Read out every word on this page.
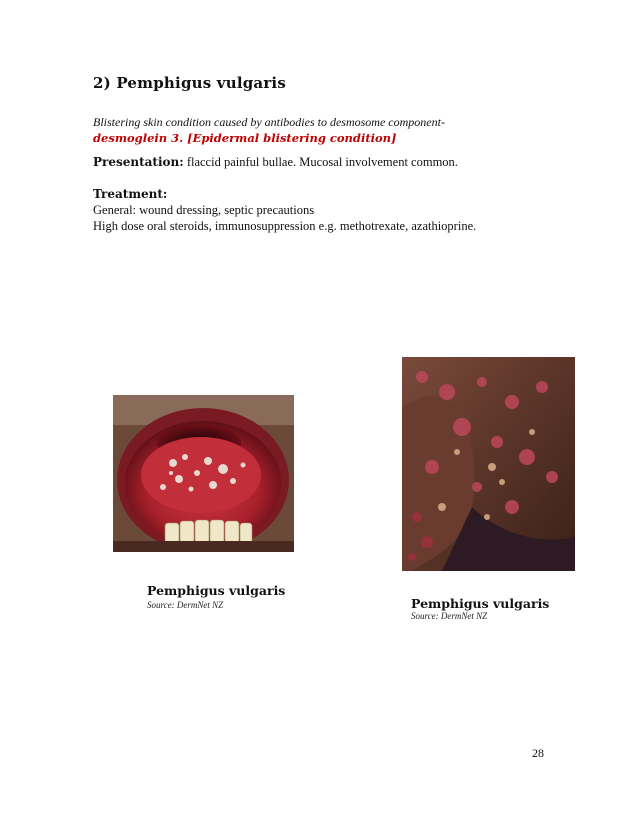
2) Pemphigus vulgaris
Blistering skin condition caused by antibodies to desmosome component-
desmoglein 3. [Epidermal blistering condition]
Presentation: flaccid painful bullae. Mucosal involvement common.
Treatment:
General: wound dressing, septic precautions
High dose oral steroids, immunosuppression e.g. methotrexate, azathioprine.
Pemphigus vulgaris
Source: DermNet NZ	Pemphigus vulgaris
Source: DermNet NZ
28
